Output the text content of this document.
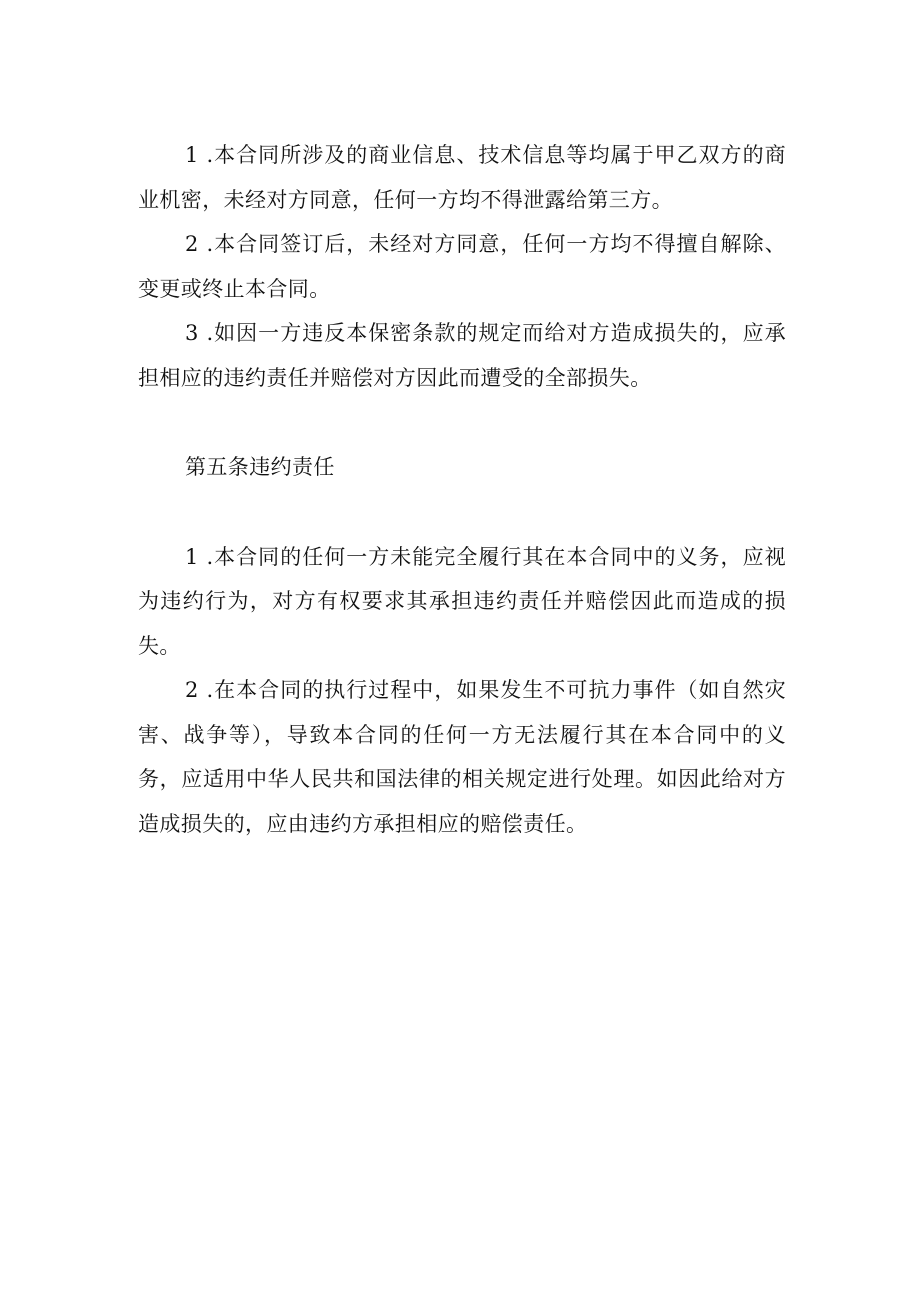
1 .本合同所涉及的商业信息、技术信息等均属于甲乙双方的商业机密，未经对方同意，任何一方均不得泄露给第三方。

2 .本合同签订后，未经对方同意，任何一方均不得擅自解除、变更或终止本合同。

3 .如因一方违反本保密条款的规定而给对方造成损失的，应承担相应的违约责任并赔偿对方因此而遭受的全部损失。

第五条违约责任

1 .本合同的任何一方未能完全履行其在本合同中的义务，应视为违约行为，对方有权要求其承担违约责任并赔偿因此而造成的损失。

2 .在本合同的执行过程中，如果发生不可抗力事件（如自然灾害、战争等），导致本合同的任何一方无法履行其在本合同中的义务，应适用中华人民共和国法律的相关规定进行处理。如因此给对方造成损失的，应由违约方承担相应的赔偿责任。
